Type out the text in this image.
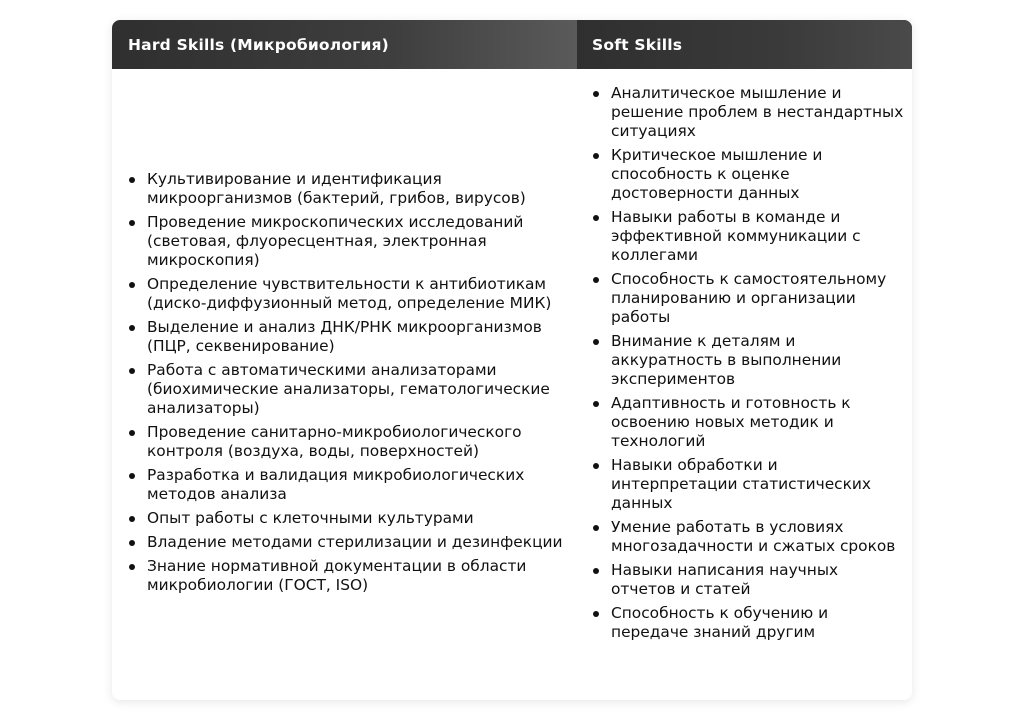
Hard Skills (Микробиология)	Soft Skills
Культивирование и идентификация микроорганизмов (бактерий, грибов, вирусов)
Проведение микроскопических исследований (световая, флуоресцентная, электронная микроскопия)
Определение чувствительности к антибиотикам (диско-диффузионный метод, определение МИК)
Выделение и анализ ДНК/РНК микроорганизмов (ПЦР, секвенирование)
Работа с автоматическими анализаторами (биохимические анализаторы, гематологические анализаторы)
Проведение санитарно-микробиологического контроля (воздуха, воды, поверхностей)
Разработка и валидация микробиологических методов анализа
Опыт работы с клеточными культурами
Владение методами стерилизации и дезинфекции
Знание нормативной документации в области микробиологии (ГОСТ, ISO)
Аналитическое мышление и решение проблем в нестандартных ситуациях
Критическое мышление и способность к оценке достоверности данных
Навыки работы в команде и эффективной коммуникации с коллегами
Способность к самостоятельному планированию и организации работы
Внимание к деталям и аккуратность в выполнении экспериментов
Адаптивность и готовность к освоению новых методик и технологий
Навыки обработки и интерпретации статистических данных
Умение работать в условиях многозадачности и сжатых сроков
Навыки написания научных отчетов и статей
Способность к обучению и передаче знаний другим
